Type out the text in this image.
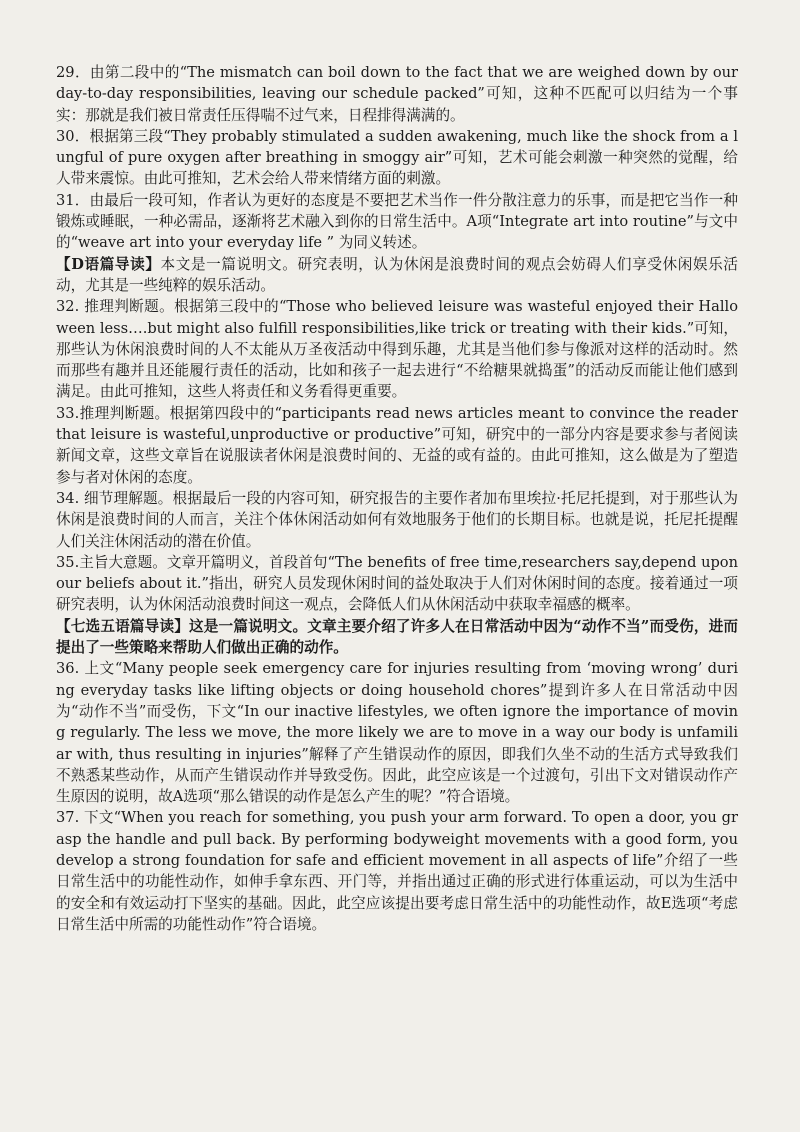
29．由第二段中的“The mismatch can boil down to the fact that we are weighed down by our day-to-day responsibilities, leaving our schedule packed”可知，这种不匹配可以归结为一个事实：那就是我们被日常责任压得喘不过气来，日程排得满满的。

30．根据第三段“They probably stimulated a sudden awakening, much like the shock from a lungful of pure oxygen after breathing in smoggy air”可知，艺术可能会刺激一种突然的觉醒，给人带来震惊。由此可推知，艺术会给人带来情绪方面的刺激。

31．由最后一段可知，作者认为更好的态度是不要把艺术当作一件分散注意力的乐事，而是把它当作一种锻炼或睡眠，一种必需品，逐渐将艺术融入到你的日常生活中。A项“Integrate art into routine”与文中的“weave art into your everyday life ” 为同义转述。

【D语篇导读】本文是一篇说明文。研究表明，认为休闲是浪费时间的观点会妨碍人们享受休闲娱乐活动，尤其是一些纯粹的娱乐活动。

32. 推理判断题。根据第三段中的“Those who believed leisure was wasteful enjoyed their Halloween less….but might also fulfill responsibilities,like trick or treating with their kids.”可知，那些认为休闲浪费时间的人不太能从万圣夜活动中得到乐趣，尤其是当他们参与像派对这样的活动时。然而那些有趣并且还能履行责任的活动，比如和孩子一起去进行“不给糖果就捣蛋”的活动反而能让他们感到满足。由此可推知，这些人将责任和义务看得更重要。

33.推理判断题。根据第四段中的“participants read news articles meant to convince the reader that leisure is wasteful,unproductive or productive”可知，研究中的一部分内容是要求参与者阅读新闻文章，这些文章旨在说服读者休闲是浪费时间的、无益的或有益的。由此可推知，这么做是为了塑造参与者对休闲的态度。

34. 细节理解题。根据最后一段的内容可知，研究报告的主要作者加布里埃拉·托尼托提到，对于那些认为休闲是浪费时间的人而言，关注个体休闲活动如何有效地服务于他们的长期目标。也就是说，托尼托提醒人们关注休闲活动的潜在价值。

35.主旨大意题。文章开篇明义，首段首句“The benefits of free time,researchers say,depend upon our beliefs about it.”指出，研究人员发现休闲时间的益处取决于人们对休闲时间的态度。接着通过一项研究表明，认为休闲活动浪费时间这一观点，会降低人们从休闲活动中获取幸福感的概率。

【七选五语篇导读】这是一篇说明文。文章主要介绍了许多人在日常活动中因为“动作不当”而受伤，进而提出了一些策略来帮助人们做出正确的动作。

36. 上文“Many people seek emergency care for injuries resulting from ‘moving wrong’ during everyday tasks like lifting objects or doing household chores”提到许多人在日常活动中因为“动作不当”而受伤，下文“In our inactive lifestyles, we often ignore the importance of moving regularly. The less we move, the more likely we are to move in a way our body is unfamiliar with, thus resulting in injuries”解释了产生错误动作的原因，即我们久坐不动的生活方式导致我们不熟悉某些动作，从而产生错误动作并导致受伤。因此，此空应该是一个过渡句，引出下文对错误动作产生原因的说明，故A选项“那么错误的动作是怎么产生的呢？”符合语境。

37. 下文“When you reach for something, you push your arm forward. To open a door, you grasp the handle and pull back. By performing bodyweight movements with a good form, you develop a strong foundation for safe and efficient movement in all aspects of life”介绍了一些日常生活中的功能性动作，如伸手拿东西、开门等，并指出通过正确的形式进行体重运动，可以为生活中的安全和有效运动打下坚实的基础。因此，此空应该提出要考虑日常生活中的功能性动作，故E选项“考虑日常生活中所需的功能性动作”符合语境。
